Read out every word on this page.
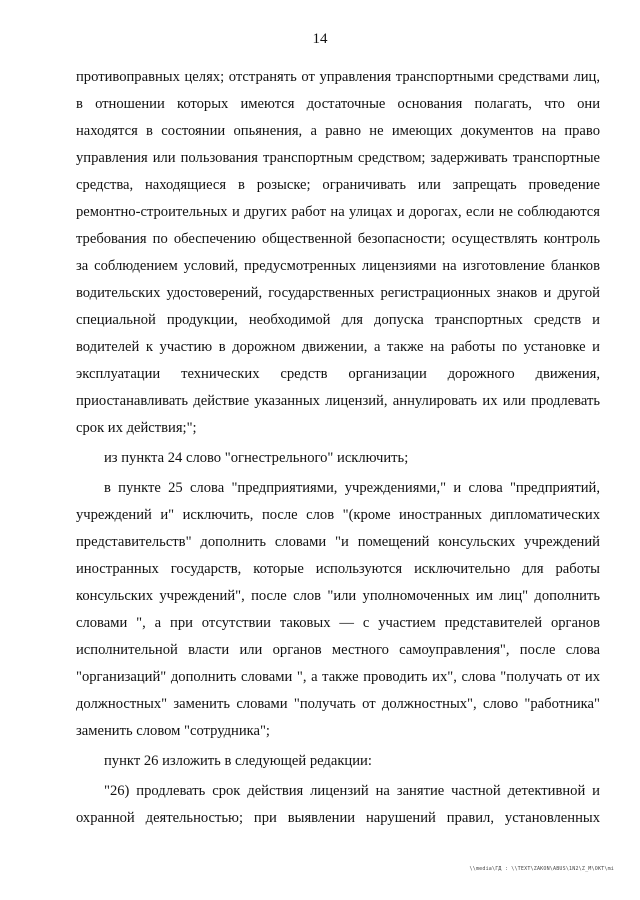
14
противоправных целях; отстранять от управления транспортными средствами лиц,
в отношении которых имеются достаточные основания полагать, что они
находятся в состоянии опьянения, а равно не имеющих документов на право
управления или пользования транспортным средством; задерживать транспортные
средства, находящиеся в розыске; ограничивать или запрещать проведение
ремонтно-строительных и других работ на улицах и дорогах, если не соблюдаются
требования по обеспечению общественной безопасности; осуществлять контроль
за соблюдением условий, предусмотренных лицензиями на изготовление бланков
водительских удостоверений, государственных регистрационных знаков и другой
специальной продукции, необходимой для допуска транспортных средств и
водителей к участию в дорожном движении, а также на работы по установке и
эксплуатации технических средств организации дорожного движения,
приостанавливать действие указанных лицензий, аннулировать их или продлевать
срок их действия;";
из пункта 24 слово "огнестрельного" исключить;
в пункте 25 слова "предприятиями, учреждениями," и слова "предприятий,
учреждений и" исключить, после слов "(кроме иностранных дипломатических
представительств" дополнить словами "и помещений консульских учреждений
иностранных государств, которые используются исключительно для работы
консульских учреждений", после слов "или уполномоченных им лиц" дополнить
словами ", а при отсутствии таковых — с участием представителей органов
исполнительной власти или органов местного самоуправления", после слова
"организаций" дополнить словами ", а также проводить их", слова "получать от их
должностных" заменить словами "получать от должностных", слово "работника"
заменить словом "сотрудника";
пункт 26 изложить в следующей редакции:
"26) продлевать срок действия лицензий на занятие частной детективной и
охранной деятельностью; при выявлении нарушений правил, установленных
\\media\ГД : \\TEXT\ZAKON\ABUS\1N2\Z_M\OKT\mi
